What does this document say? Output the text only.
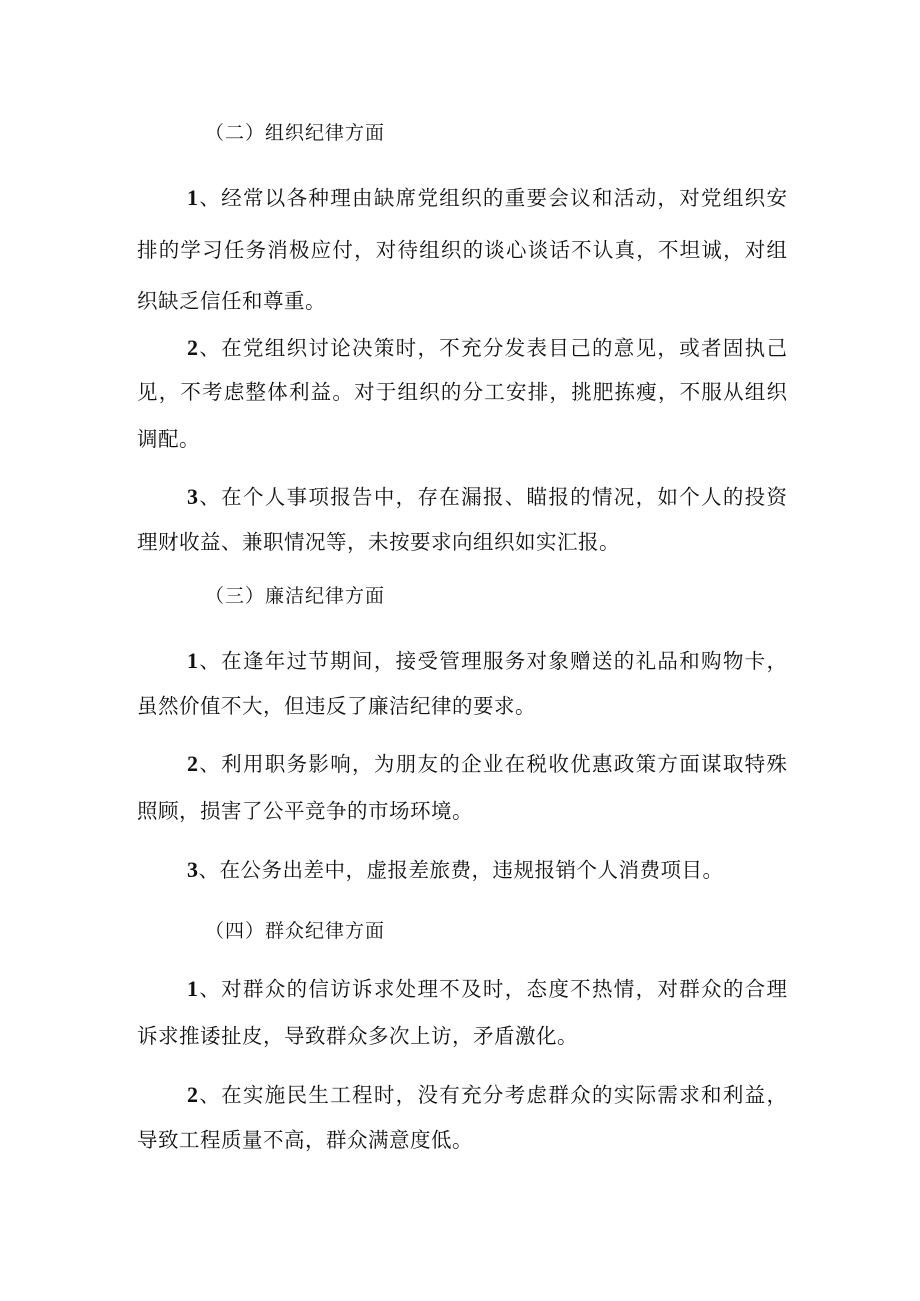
（二）组织纪律方面
1、经常以各种理由缺席党组织的重要会议和活动，对党组织安
排的学习任务消极应付，对待组织的谈心谈话不认真，不坦诚，对组
织缺乏信任和尊重。
2、在党组织讨论决策时，不充分发表目己的意见，或者固执己
见，不考虑整体利益。对于组织的分工安排，挑肥拣瘦，不服从组织
调配。
3、在个人事项报告中，存在漏报、瞄报的情况，如个人的投资
理财收益、兼职情况等，未按要求向组织如实汇报。
（三）廉洁纪律方面
1、在逢年过节期间，接受管理服务对象赠送的礼品和购物卡，
虽然价值不大，但违反了廉洁纪律的要求。
2、利用职务影响，为朋友的企业在税收优惠政策方面谋取特殊
照顾，损害了公平竞争的市场环境。
3、在公务出差中，虚报差旅费，违规报销个人消费项目。
（四）群众纪律方面
1、对群众的信访诉求处理不及时，态度不热情，对群众的合理
诉求推诿扯皮，导致群众多次上访，矛盾激化。
2、在实施民生工程时，没有充分考虑群众的实际需求和利益，
导致工程质量不高，群众满意度低。
